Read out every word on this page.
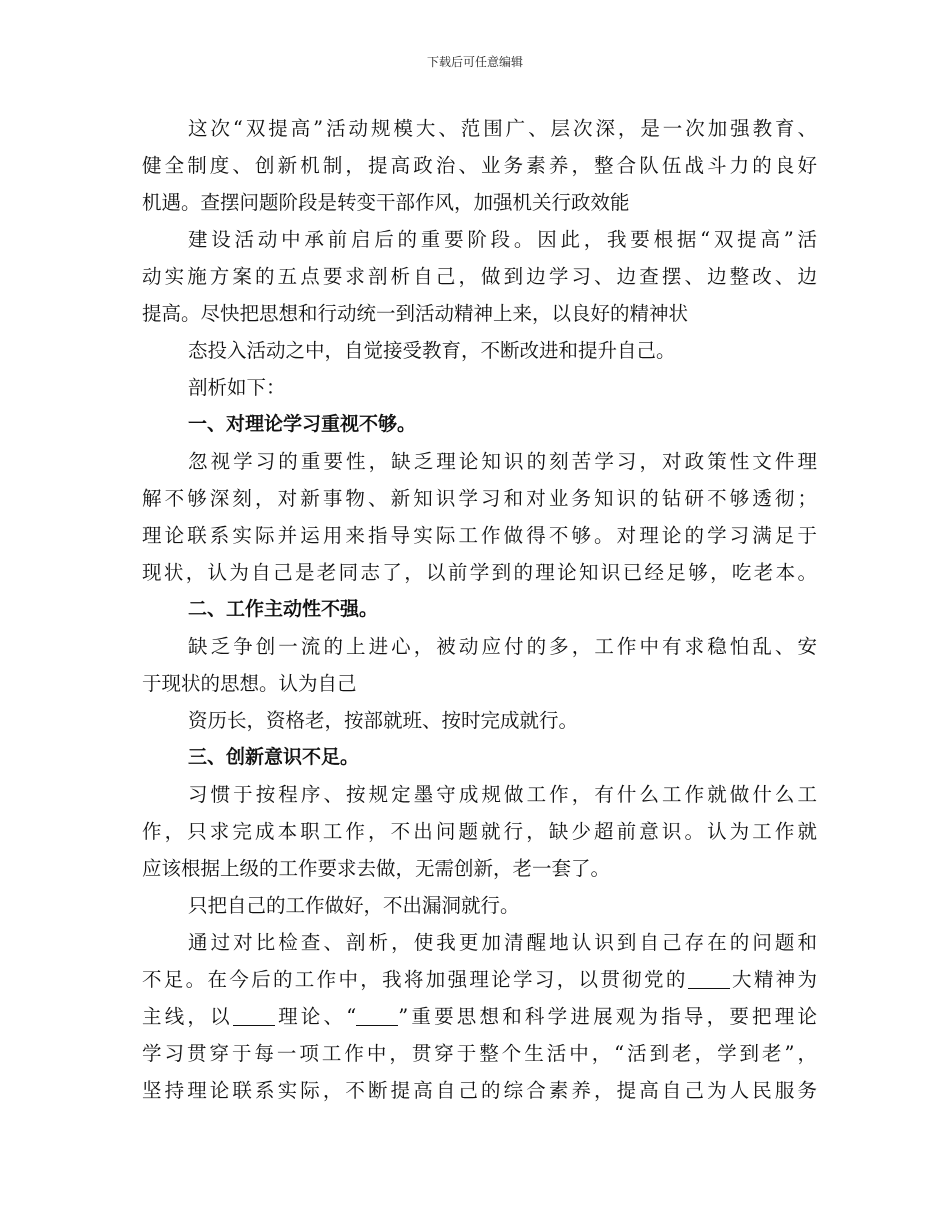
下载后可任意编辑
这次“双提高”活动规模大、范围广、层次深，是一次加强教育、
健全制度、创新机制，提高政治、业务素养，整合队伍战斗力的良好
机遇。查摆问题阶段是转变干部作风，加强机关行政效能
建设活动中承前启后的重要阶段。因此，我要根据“双提高”活
动实施方案的五点要求剖析自己，做到边学习、边查摆、边整改、边
提高。尽快把思想和行动统一到活动精神上来，以良好的精神状
态投入活动之中，自觉接受教育，不断改进和提升自己。
剖析如下：
一、对理论学习重视不够。
忽视学习的重要性，缺乏理论知识的刻苦学习，对政策性文件理
解不够深刻，对新事物、新知识学习和对业务知识的钻研不够透彻；
理论联系实际并运用来指导实际工作做得不够。对理论的学习满足于
现状，认为自己是老同志了，以前学到的理论知识已经足够，吃老本。
二、工作主动性不强。
缺乏争创一流的上进心，被动应付的多，工作中有求稳怕乱、安
于现状的思想。认为自己
资历长，资格老，按部就班、按时完成就行。
三、创新意识不足。
习惯于按程序、按规定墨守成规做工作，有什么工作就做什么工
作，只求完成本职工作，不出问题就行，缺少超前意识。认为工作就
应该根据上级的工作要求去做，无需创新，老一套了。
只把自己的工作做好，不出漏洞就行。
通过对比检查、剖析，使我更加清醒地认识到自己存在的问题和
不足。在今后的工作中，我将加强理论学习，以贯彻党的 大精神为
主线，以 理论、“ ”重要思想和科学进展观为指导，要把理论
学习贯穿于每一项工作中，贯穿于整个生活中，“活到老，学到老”，
坚持理论联系实际，不断提高自己的综合素养，提高自己为人民服务
